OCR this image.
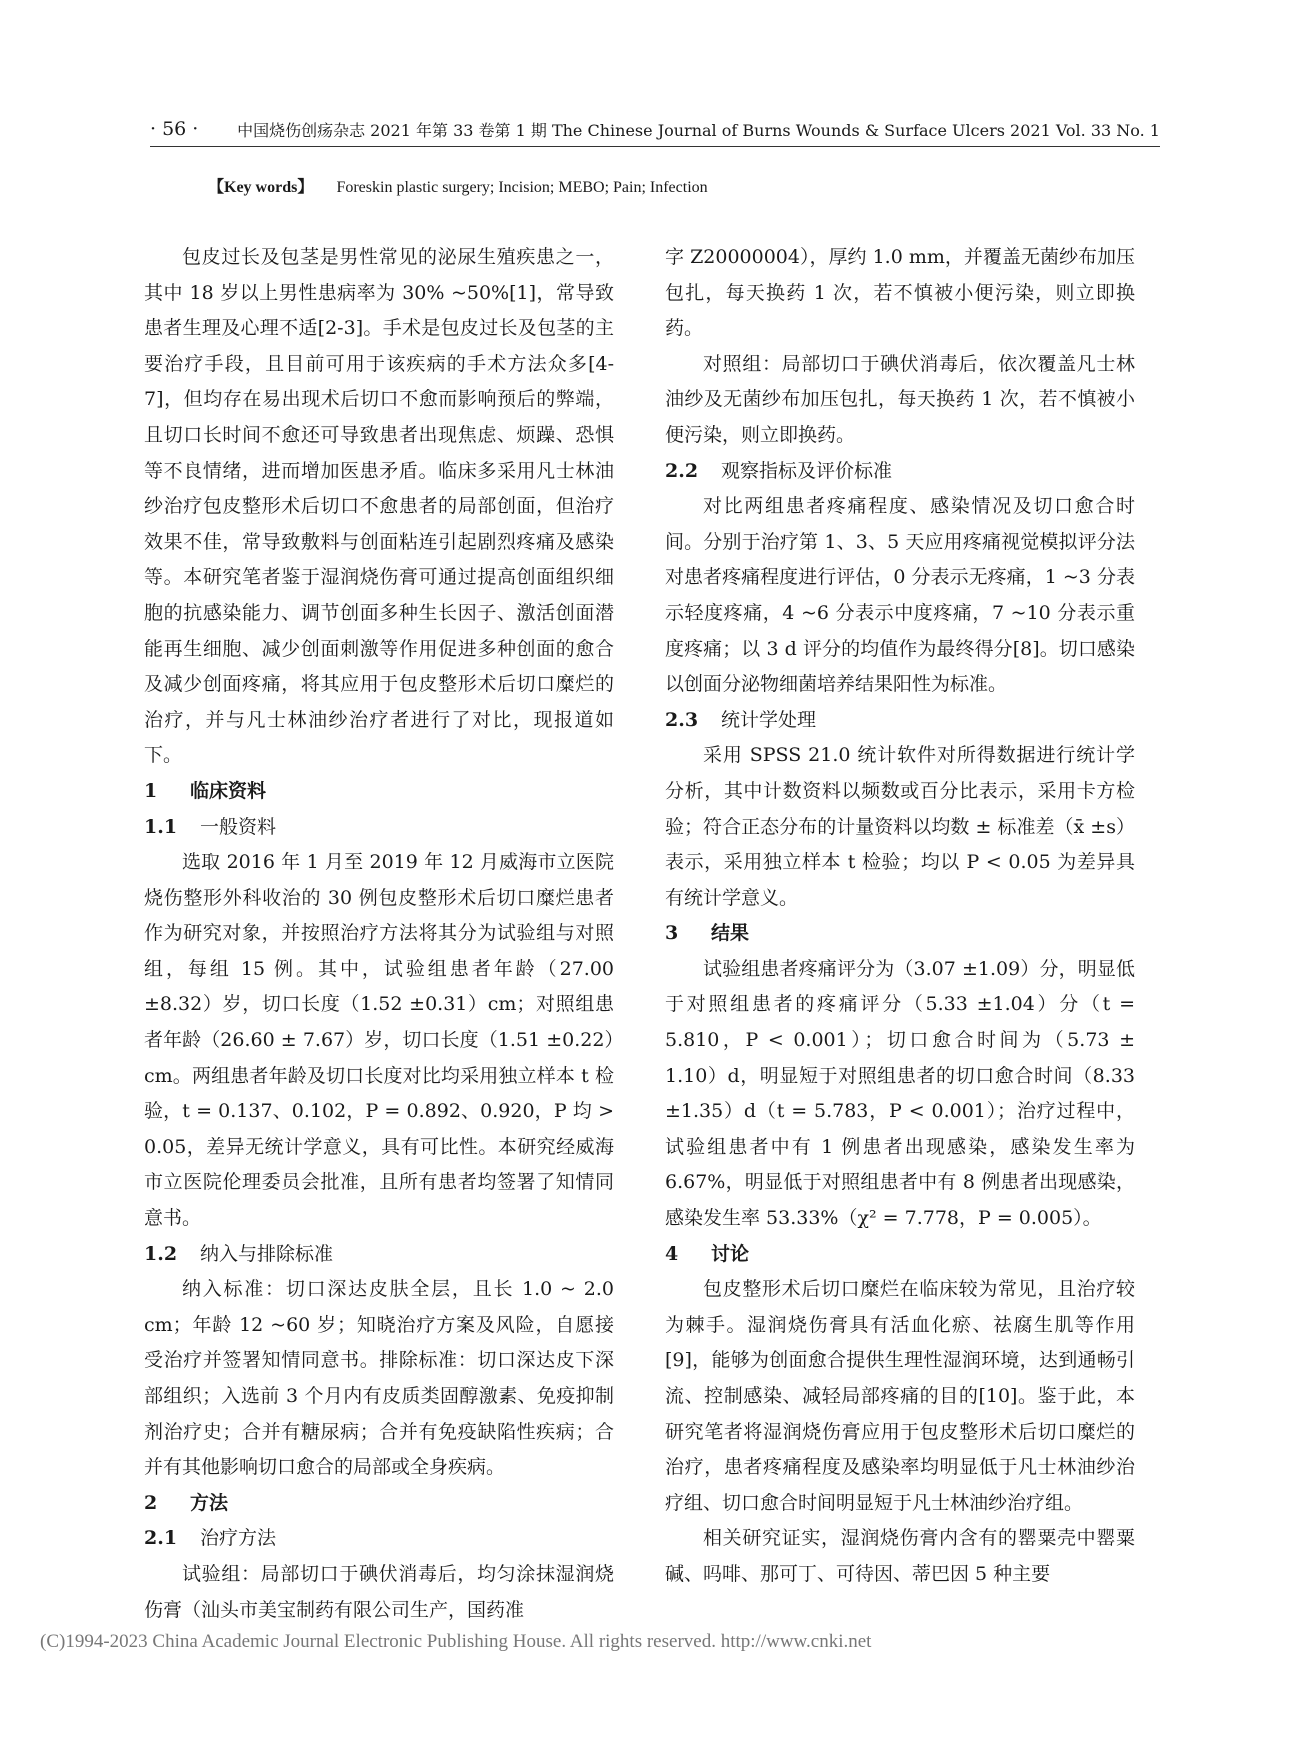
· 56 · 中国烧伤创疡杂志 2021 年第 33 卷第 1 期 The Chinese Journal of Burns Wounds & Surface Ulcers 2021 Vol. 33 No. 1
【Key words】 Foreskin plastic surgery; Incision; MEBO; Pain; Infection

包皮过长及包茎是男性常见的泌尿生殖疾患之一，其中 18 岁以上男性患病率为 30% ~50%[1]，常导致患者生理及心理不适[2-3]。手术是包皮过长及包茎的主要治疗手段，且目前可用于该疾病的手术方法众多[4-7]，但均存在易出现术后切口不愈而影响预后的弊端，且切口长时间不愈还可导致患者出现焦虑、烦躁、恐惧等不良情绪，进而增加医患矛盾。临床多采用凡士林油纱治疗包皮整形术后切口不愈患者的局部创面，但治疗效果不佳，常导致敷料与创面粘连引起剧烈疼痛及感染等。本研究笔者鉴于湿润烧伤膏可通过提高创面组织细胞的抗感染能力、调节创面多种生长因子、激活创面潜能再生细胞、减少创面刺激等作用促进多种创面的愈合及减少创面疼痛，将其应用于包皮整形术后切口糜烂的治疗，并与凡士林油纱治疗者进行了对比，现报道如下。

1 临床资料
1.1 一般资料

选取 2016 年 1 月至 2019 年 12 月威海市立医院烧伤整形外科收治的 30 例包皮整形术后切口糜烂患者作为研究对象，并按照治疗方法将其分为试验组与对照组，每组 15 例。其中，试验组患者年龄（27.00 ±8.32）岁，切口长度（1.52 ±0.31）cm；对照组患者年龄（26.60 ± 7.67）岁，切口长度（1.51 ±0.22）cm。两组患者年龄及切口长度对比均采用独立样本 t 检验，t = 0.137、0.102，P = 0.892、0.920，P 均 > 0.05，差异无统计学意义，具有可比性。本研究经威海市立医院伦理委员会批准，且所有患者均签署了知情同意书。

1.2 纳入与排除标准

纳入标准：切口深达皮肤全层，且长 1.0 ~ 2.0 cm；年龄 12 ~60 岁；知晓治疗方案及风险，自愿接受治疗并签署知情同意书。排除标准：切口深达皮下深部组织；入选前 3 个月内有皮质类固醇激素、免疫抑制剂治疗史；合并有糖尿病；合并有免疫缺陷性疾病；合并有其他影响切口愈合的局部或全身疾病。

2 方法
2.1 治疗方法

试验组：局部切口于碘伏消毒后，均匀涂抹湿润烧伤膏（汕头市美宝制药有限公司生产，国药准

字 Z20000004），厚约 1.0 mm，并覆盖无菌纱布加压包扎，每天换药 1 次，若不慎被小便污染，则立即换药。

对照组：局部切口于碘伏消毒后，依次覆盖凡士林油纱及无菌纱布加压包扎，每天换药 1 次，若不慎被小便污染，则立即换药。

2.2 观察指标及评价标准

对比两组患者疼痛程度、感染情况及切口愈合时间。分别于治疗第 1、3、5 天应用疼痛视觉模拟评分法对患者疼痛程度进行评估，0 分表示无疼痛，1 ~3 分表示轻度疼痛，4 ~6 分表示中度疼痛，7 ~10 分表示重度疼痛；以 3 d 评分的均值作为最终得分[8]。切口感染以创面分泌物细菌培养结果阳性为标准。

2.3 统计学处理

采用 SPSS 21.0 统计软件对所得数据进行统计学分析，其中计数资料以频数或百分比表示，采用卡方检验；符合正态分布的计量资料以均数 ± 标准差（x̄ ±s）表示，采用独立样本 t 检验；均以 P < 0.05 为差异具有统计学意义。

3 结果

试验组患者疼痛评分为（3.07 ±1.09）分，明显低于对照组患者的疼痛评分（5.33 ±1.04）分（t = 5.810，P < 0.001）；切口愈合时间为（5.73 ± 1.10）d，明显短于对照组患者的切口愈合时间（8.33 ±1.35）d（t = 5.783，P < 0.001）；治疗过程中，试验组患者中有 1 例患者出现感染，感染发生率为 6.67%，明显低于对照组患者中有 8 例患者出现感染，感染发生率 53.33%（χ² = 7.778，P = 0.005）。

4 讨论

包皮整形术后切口糜烂在临床较为常见，且治疗较为棘手。湿润烧伤膏具有活血化瘀、祛腐生肌等作用[9]，能够为创面愈合提供生理性湿润环境，达到通畅引流、控制感染、减轻局部疼痛的目的[10]。鉴于此，本研究笔者将湿润烧伤膏应用于包皮整形术后切口糜烂的治疗，患者疼痛程度及感染率均明显低于凡士林油纱治疗组、切口愈合时间明显短于凡士林油纱治疗组。

相关研究证实，湿润烧伤膏内含有的罂粟壳中罂粟碱、吗啡、那可丁、可待因、蒂巴因 5 种主要

(C)1994-2023 China Academic Journal Electronic Publishing House. All rights reserved. http://www.cnki.net
